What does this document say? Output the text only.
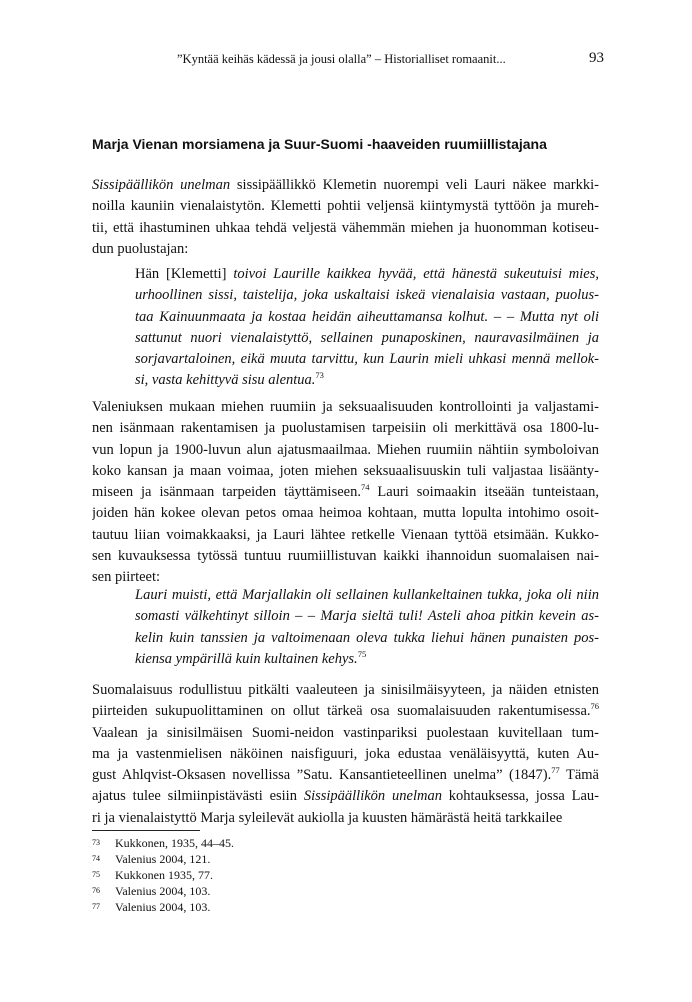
”Kyntää keihäs kädessä ja jousi olalla” – Historialliset romaanit...	93
Marja Vienan morsiamena ja Suur-Suomi -haaveiden ruumiillistajana
Sissipäällikön unelman sissipäällikkö Klemetin nuorempi veli Lauri näkee markki-
noilla kauniin vienalaistytön. Klemetti pohtii veljensä kiintymystä tyttöön ja mureh-
tii, että ihastuminen uhkaa tehdä veljestä vähemmän miehen ja huonomman kotiseu-
dun puolustajan:
Hän [Klemetti] toivoi Laurille kaikkea hyvää, että hänestä sukeutuisi mies,
urhoollinen sissi, taistelija, joka uskaltaisi iskeä vienalaisia vastaan, puolus-
taa Kainuunmaata ja kostaa heidän aiheuttamansa kolhut. – – Mutta nyt oli
sattunut nuori vienalaistyttö, sellainen punaposkinen, nauravasilmäinen ja
sorjavartaloinen, eikä muuta tarvittu, kun Laurin mieli uhkasi mennä mellok-
si, vasta kehittyvä sisu alentua.$^{73}$
Valeniuksen mukaan miehen ruumiin ja seksuaalisuuden kontrollointi ja valjastami-
nen isänmaan rakentamisen ja puolustamisen tarpeisiin oli merkittävä osa 1800-lu-
vun lopun ja 1900-luvun alun ajatusmaailmaa. Miehen ruumiin nähtiin symboloivan
koko kansan ja maan voimaa, joten miehen seksuaalisuuskin tuli valjastaa lisäänty-
miseen ja isänmaan tarpeiden täyttämiseen.$^{74}$ Lauri soimaakin itseään tunteistaan,
joiden hän kokee olevan petos omaa heimoa kohtaan, mutta lopulta intohimo osoit-
tautuu liian voimakkaaksi, ja Lauri lähtee retkelle Vienaan tyttöä etsimään. Kukko-
sen kuvauksessa tytössä tuntuu ruumiillistuvan kaikki ihannoidun suomalaisen nai-
sen piirteet:
Lauri muisti, että Marjallakin oli sellainen kullankeltainen tukka, joka oli niin
somasti välkehtinyt silloin – – Marja sieltä tuli! Asteli ahoa pitkin kevein as-
kelin kuin tanssien ja valtoimenaan oleva tukka liehui hänen punaisten pos-
kiensa ympärillä kuin kultainen kehys.$^{75}$
Suomalaisuus rodullistuu pitkälti vaaleuteen ja sinisilmäisyyteen, ja näiden etnisten
piirteiden sukupuolittaminen on ollut tärkeä osa suomalaisuuden rakentumisessa.$^{76}$
Vaalean ja sinisilmäisen Suomi-neidon vastinpariksi puolestaan kuvitellaan tum-
ma ja vastenmielisen näköinen naisfiguuri, joka edustaa venäläisyyttä, kuten Au-
gust Ahlqvist-Oksasen novellissa ”Satu. Kansantieteellinen unelma” (1847).$^{77}$ Tämä
ajatus tulee silmiinpistävästi esiin Sissipäällikön unelman kohtauksessa, jossa Lau-
ri ja vienalaistyttö Marja syleilevät aukiolla ja kuusten hämärästä heitä tarkkailee
73 Kukkonen, 1935, 44–45.
74 Valenius 2004, 121.
75 Kukkonen 1935, 77.
76 Valenius 2004, 103.
77 Valenius 2004, 103.
